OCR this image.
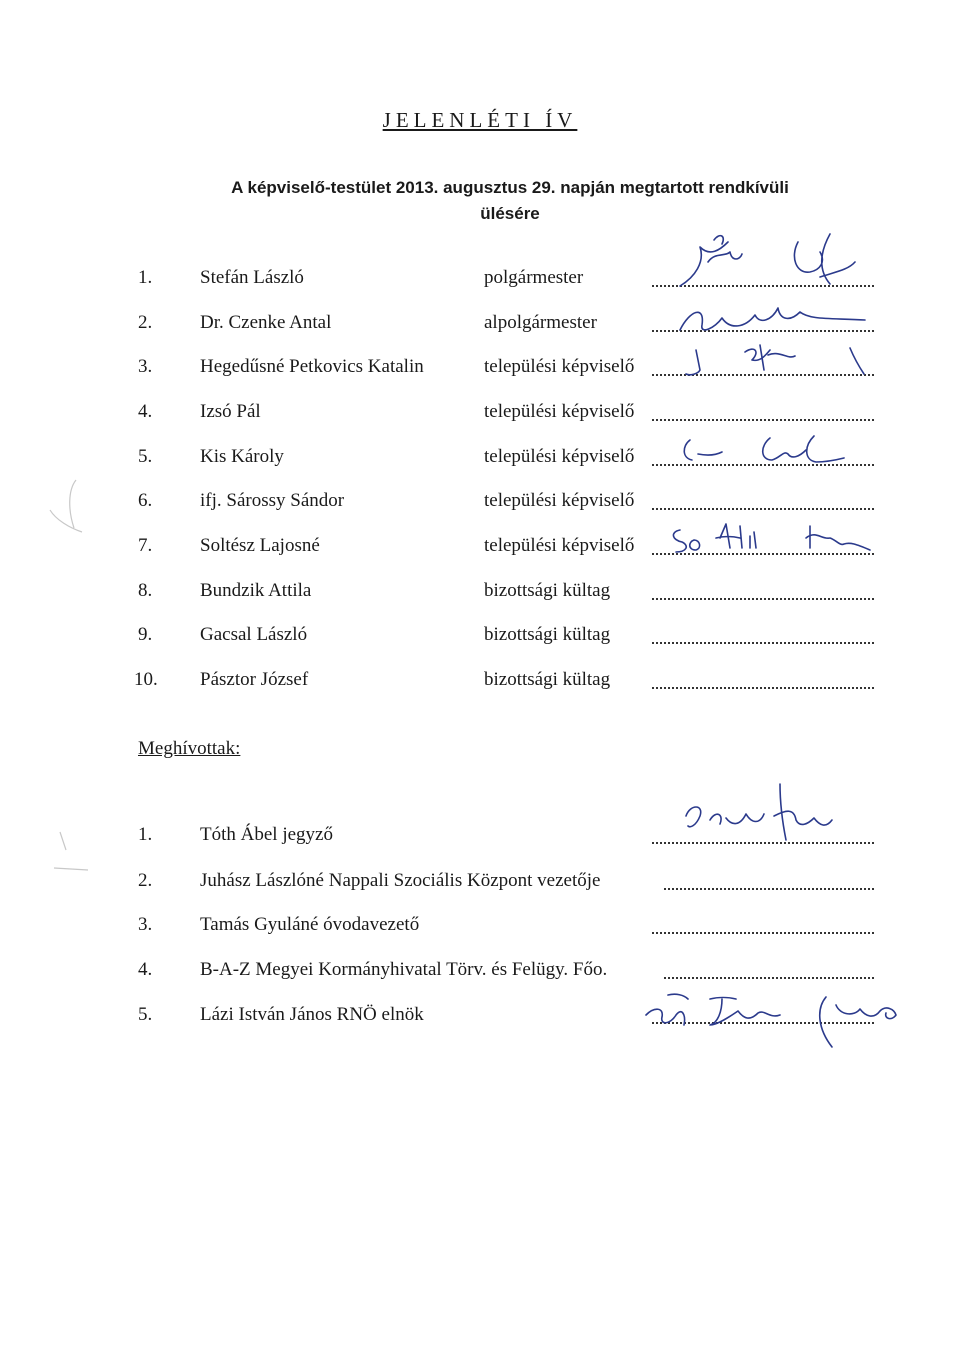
JELENLÉTI ÍV
A képviselő-testület 2013. augusztus 29. napján megtartott rendkívüli
ülésére
1.	Stefán László	polgármester
2.	Dr. Czenke Antal	alpolgármester
3.	Hegedűsné Petkovics Katalin	települési képviselő
4.	Izsó Pál	települési képviselő
5.	Kis Károly	települési képviselő
6.	ifj. Sárossy Sándor	települési képviselő
7.	Soltész Lajosné	települési képviselő
8.	Bundzik Attila	bizottsági kültag
9.	Gacsal László	bizottsági kültag
10.	Pásztor József	bizottsági kültag
Meghívottak:
1.	Tóth Ábel jegyző
2.	Juhász Lászlóné Nappali Szociális Központ vezetője
3.	Tamás Gyuláné óvodavezető
4.	B-A-Z Megyei Kormányhivatal Törv. és Felügy. Főo.
5.	Lázi István János RNÖ elnök
